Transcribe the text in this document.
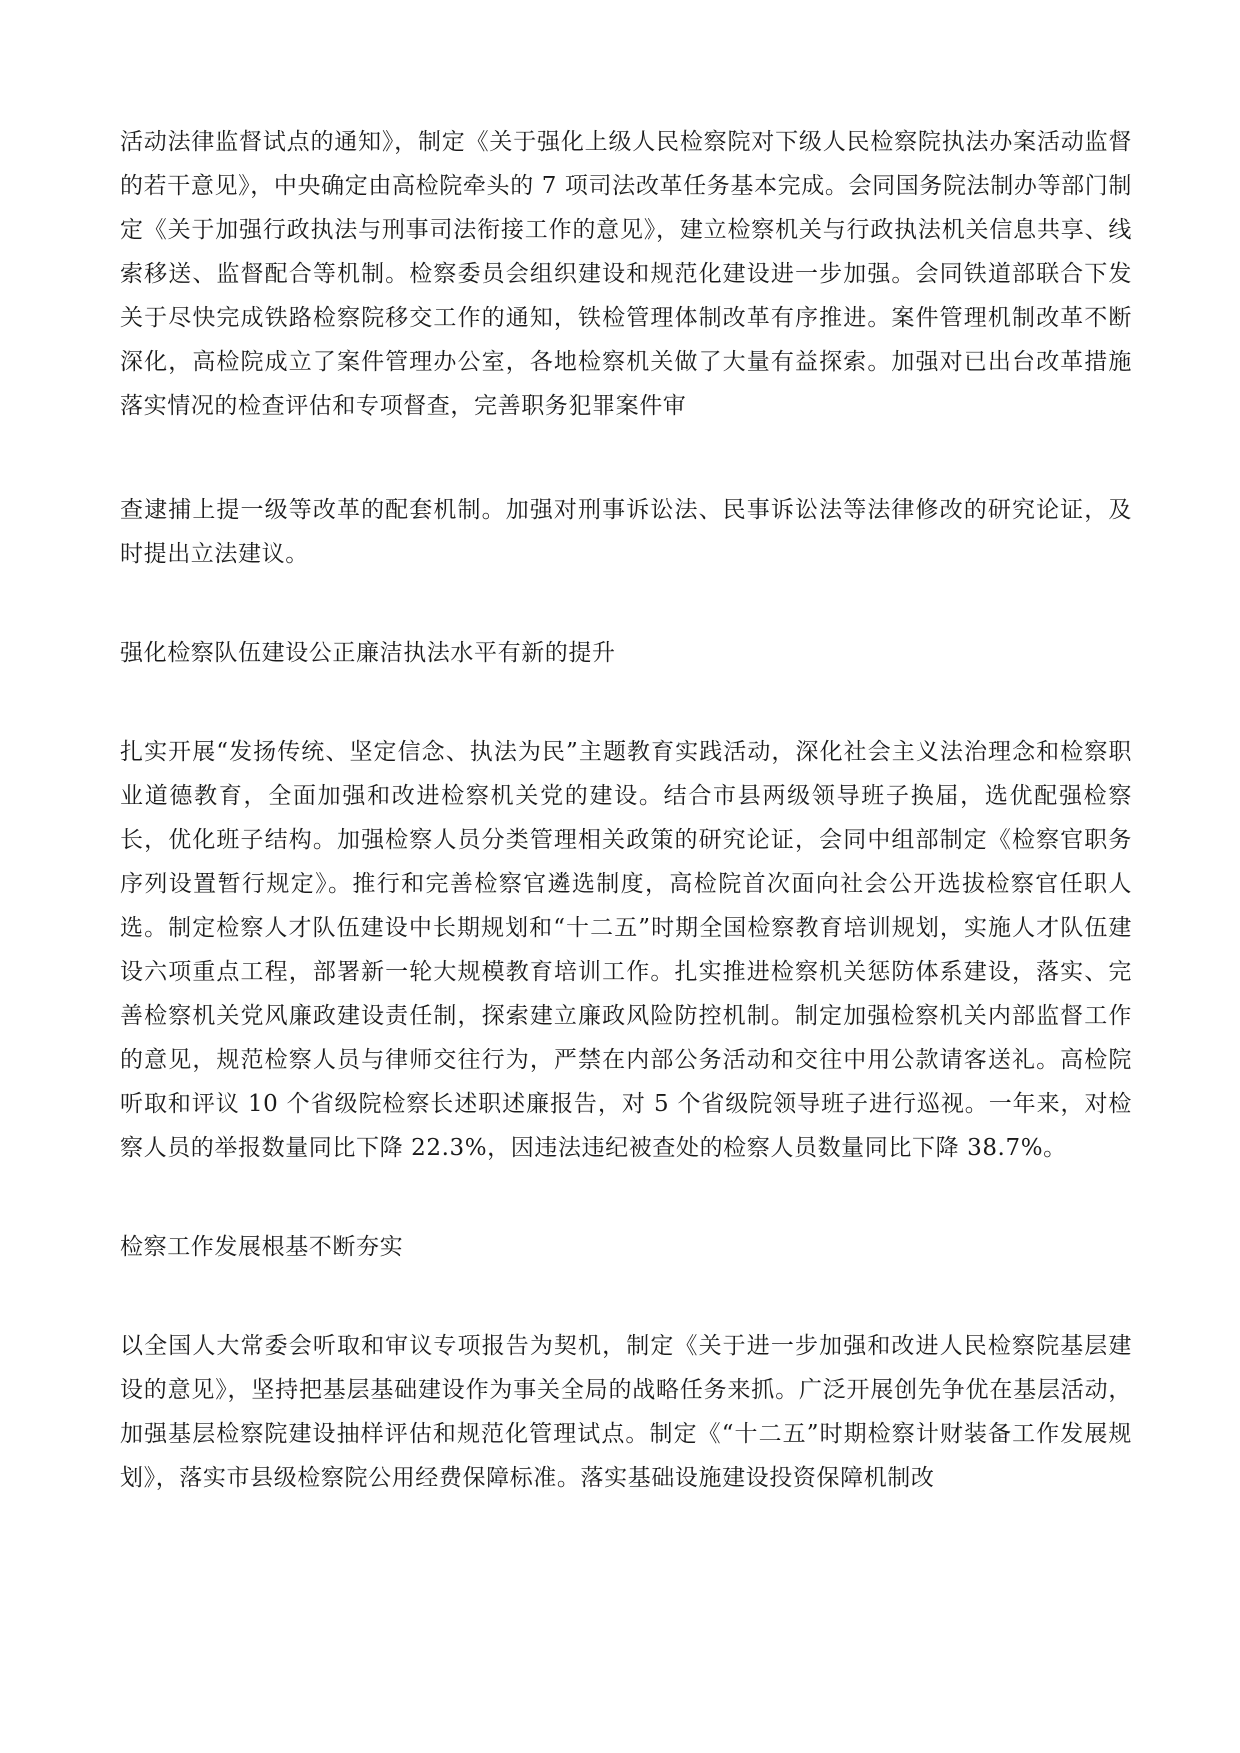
活动法律监督试点的通知》，制定《关于强化上级人民检察院对下级人民检察院执法办案活动监督的若干意见》，中央确定由高检院牵头的 7 项司法改革任务基本完成。会同国务院法制办等部门制定《关于加强行政执法与刑事司法衔接工作的意见》，建立检察机关与行政执法机关信息共享、线索移送、监督配合等机制。检察委员会组织建设和规范化建设进一步加强。会同铁道部联合下发关于尽快完成铁路检察院移交工作的通知，铁检管理体制改革有序推进。案件管理机制改革不断深化，高检院成立了案件管理办公室，各地检察机关做了大量有益探索。加强对已出台改革措施落实情况的检查评估和专项督查，完善职务犯罪案件审

查逮捕上提一级等改革的配套机制。加强对刑事诉讼法、民事诉讼法等法律修改的研究论证，及时提出立法建议。

强化检察队伍建设公正廉洁执法水平有新的提升

扎实开展“发扬传统、坚定信念、执法为民”主题教育实践活动，深化社会主义法治理念和检察职业道德教育，全面加强和改进检察机关党的建设。结合市县两级领导班子换届，选优配强检察长，优化班子结构。加强检察人员分类管理相关政策的研究论证，会同中组部制定《检察官职务序列设置暂行规定》。推行和完善检察官遴选制度，高检院首次面向社会公开选拔检察官任职人选。制定检察人才队伍建设中长期规划和“十二五”时期全国检察教育培训规划，实施人才队伍建设六项重点工程，部署新一轮大规模教育培训工作。扎实推进检察机关惩防体系建设，落实、完善检察机关党风廉政建设责任制，探索建立廉政风险防控机制。制定加强检察机关内部监督工作的意见，规范检察人员与律师交往行为，严禁在内部公务活动和交往中用公款请客送礼。高检院听取和评议 10 个省级院检察长述职述廉报告，对 5 个省级院领导班子进行巡视。一年来，对检察人员的举报数量同比下降 22.3%，因违法违纪被查处的检察人员数量同比下降 38.7%。

检察工作发展根基不断夯实

以全国人大常委会听取和审议专项报告为契机，制定《关于进一步加强和改进人民检察院基层建设的意见》，坚持把基层基础建设作为事关全局的战略任务来抓。广泛开展创先争优在基层活动，加强基层检察院建设抽样评估和规范化管理试点。制定《“十二五”时期检察计财装备工作发展规划》，落实市县级检察院公用经费保障标准。落实基础设施建设投资保障机制改
